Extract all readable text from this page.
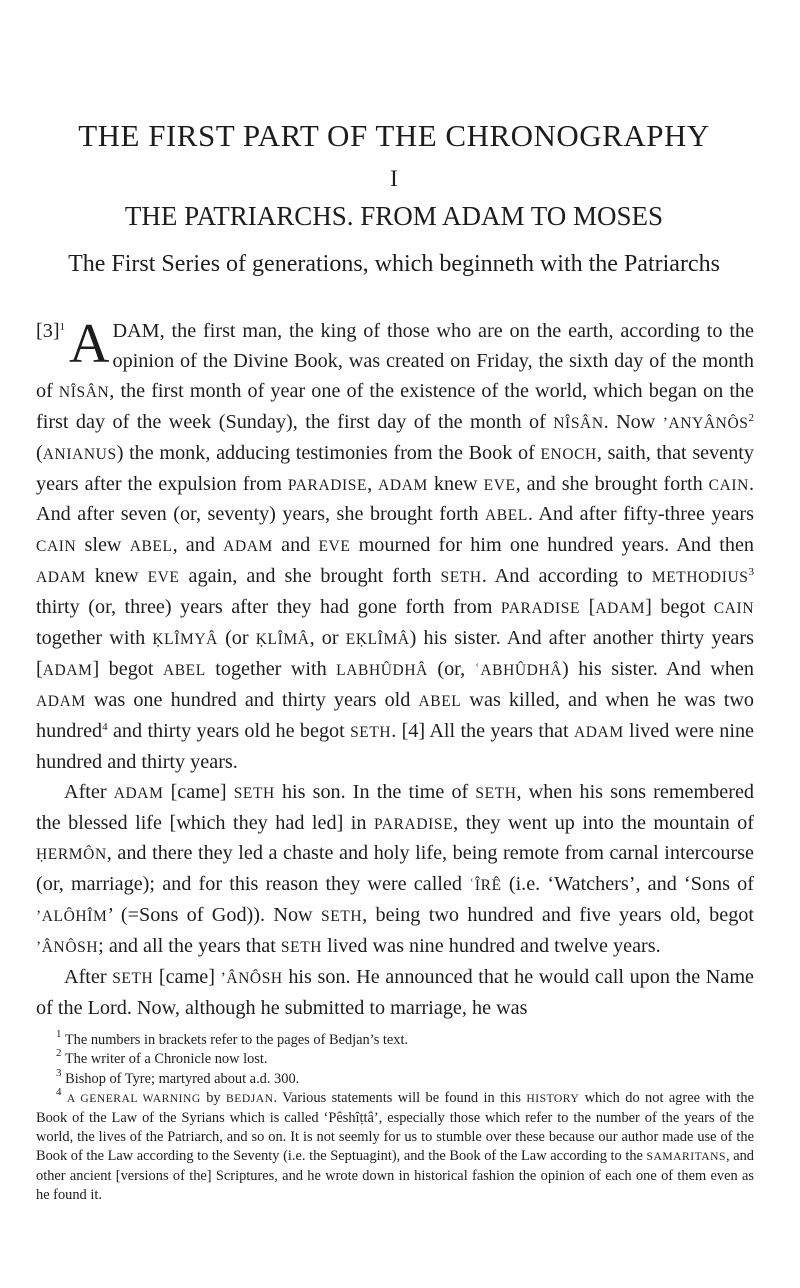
THE FIRST PART OF THE CHRONOGRAPHY
I
THE PATRIARCHS. FROM ADAM TO MOSES

The First Series of generations, which beginneth with the Patriarchs

$[3]^1$ A DAM, the first man, the king of those who are on the earth, according to the opinion of the Divine Book, was created on Friday, the sixth day of the month of NÎSÂN, the first month of year one of the existence of the world, which began on the first day of the week (Sunday), the first day of the month of NÎSÂN. Now ’ANYÂNÔS$^2$ (ANIANUS) the monk, adducing testimonies from the Book of ENOCH, saith, that seventy years after the expulsion from PARADISE, ADAM knew EVE, and she brought forth CAIN. And after seven (or, seventy) years, she brought forth ABEL. And after fifty-three years CAIN slew ABEL, and ADAM and EVE mourned for him one hundred years. And then ADAM knew EVE again, and she brought forth SETH. And according to METHODIUS$^3$ thirty (or, three) years after they had gone forth from PARADISE [ADAM] begot CAIN together with ḲLÎMYÂ (or ḲLÎMÂ, or EḲLÎMÂ) his sister. And after another thirty years [ADAM] begot ABEL together with LABHÛDHÂ (or, ʿABHÛDHÂ) his sister. And when ADAM was one hundred and thirty years old ABEL was killed, and when he was two hundred$^4$ and thirty years old he begot SETH. [4] All the years that ADAM lived were nine hundred and thirty years.

After ADAM [came] SETH his son. In the time of SETH, when his sons remembered the blessed life [which they had led] in PARADISE, they went up into the mountain of ḤERMÔN, and there they led a chaste and holy life, being remote from carnal intercourse (or, marriage); and for this reason they were called ʿÎRÊ (i.e. ‘Watchers’, and ‘Sons of ’ALÔHÎM’ (=Sons of God)). Now SETH, being two hundred and five years old, begot ’ÂNÔSH; and all the years that SETH lived was nine hundred and twelve years.

After SETH [came] ’ÂNÔSH his son. He announced that he would call upon the Name of the Lord. Now, although he submitted to marriage, he was

$^1$ The numbers in brackets refer to the pages of Bedjan’s text.

$^2$ The writer of a Chronicle now lost.

$^3$ Bishop of Tyre; martyred about a.d. 300.

$^4$ A GENERAL WARNING by BEDJAN. Various statements will be found in this HISTORY which do not agree with the Book of the Law of the Syrians which is called ‘Pêshîṭtâ’, especially those which refer to the number of the years of the world, the lives of the Patriarch, and so on. It is not seemly for us to stumble over these because our author made use of the Book of the Law according to the Seventy (i.e. the Septuagint), and the Book of the Law according to the SAMARITANS, and other ancient [versions of the] Scriptures, and he wrote down in historical fashion the opinion of each one of them even as he found it.
